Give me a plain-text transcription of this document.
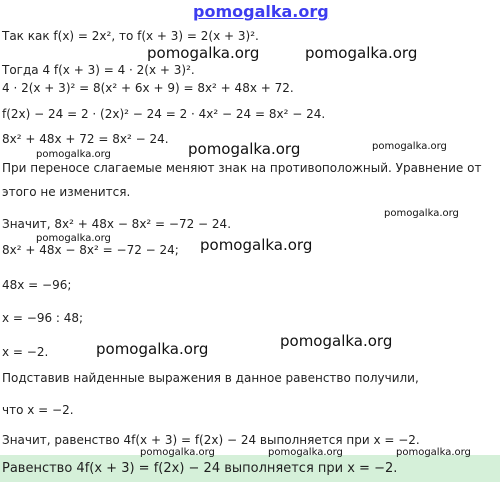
Так как f(x) = 2x², то f(x + 3) = 2(x + 3)².
Тогда 4 f(x + 3) = 4 · 2(x + 3)².
4 · 2(x + 3)² = 8(x² + 6x + 9) = 8x² + 48x + 72.
f(2x) − 24 = 2 · (2x)² − 24 = 2 · 4x² − 24 = 8x² − 24.
8x² + 48x + 72 = 8x² − 24.
При переносе слагаемые меняют знак на противоположный. Уравнение от
этого не изменится.
Значит, 8x² + 48x − 8x² = −72 − 24.
8x² + 48x − 8x² = −72 − 24;
48x = −96;
x = −96 : 48;
x = −2.
Подставив найденные выражения в данное равенство получили,
что x = −2.
Значит, равенство 4f(x + 3) = f(2x) − 24 выполняется при x = −2.
Равенство 4f(x + 3) = f(2x) − 24 выполняется при x = −2.
pomogalka.org
pomogalka.org	pomogalka.org
pomogalka.org	pomogalka.org
pomogalka.org
pomogalka.org
pomogalka.org	pomogalka.org
pomogalka.org
pomogalka.org
pomogalka.org	pomogalka.org	pomogalka.org
